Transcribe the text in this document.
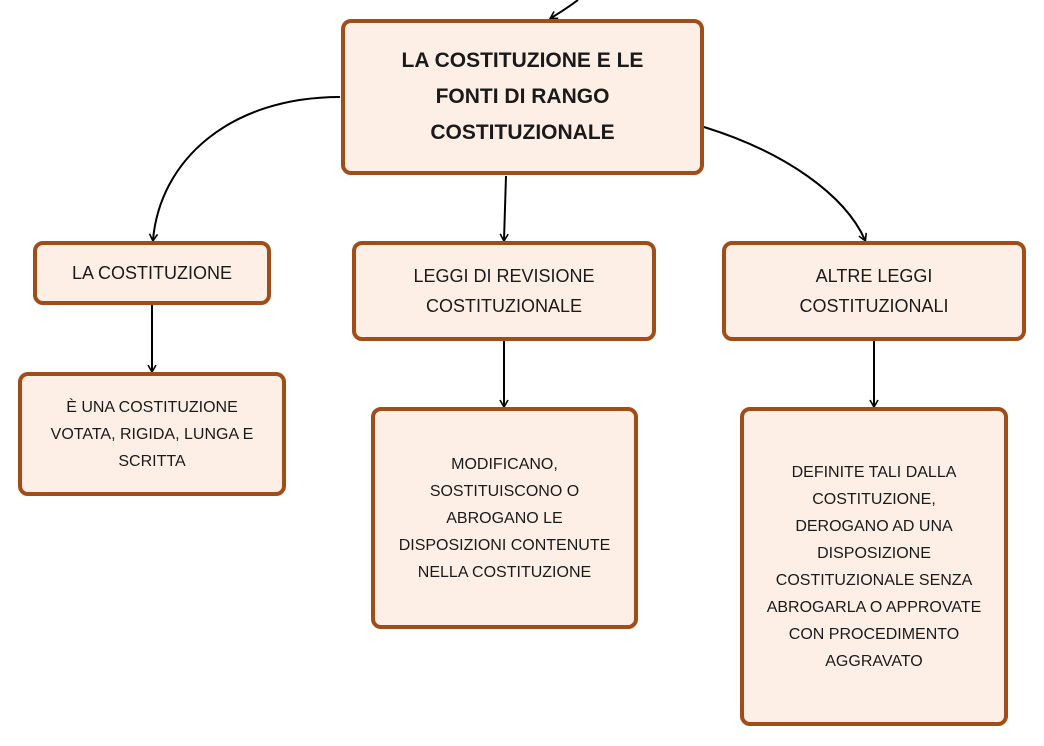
LA COSTITUZIONE E LE
FONTI DI RANGO
COSTITUZIONALE
LA COSTITUZIONE	LEGGI DI REVISIONE
COSTITUZIONALE
ALTRE LEGGI
COSTITUZIONALI
È UNA COSTITUZIONE
VOTATA, RIGIDA, LUNGA E
SCRITTA	MODIFICANO,
SOSTITUISCONO O
ABROGANO LE
DISPOSIZIONI CONTENUTE
NELLA COSTITUZIONE
DEFINITE TALI DALLA
COSTITUZIONE,
DEROGANO AD UNA
DISPOSIZIONE
COSTITUZIONALE SENZA
ABROGARLA O APPROVATE
CON PROCEDIMENTO
AGGRAVATO
